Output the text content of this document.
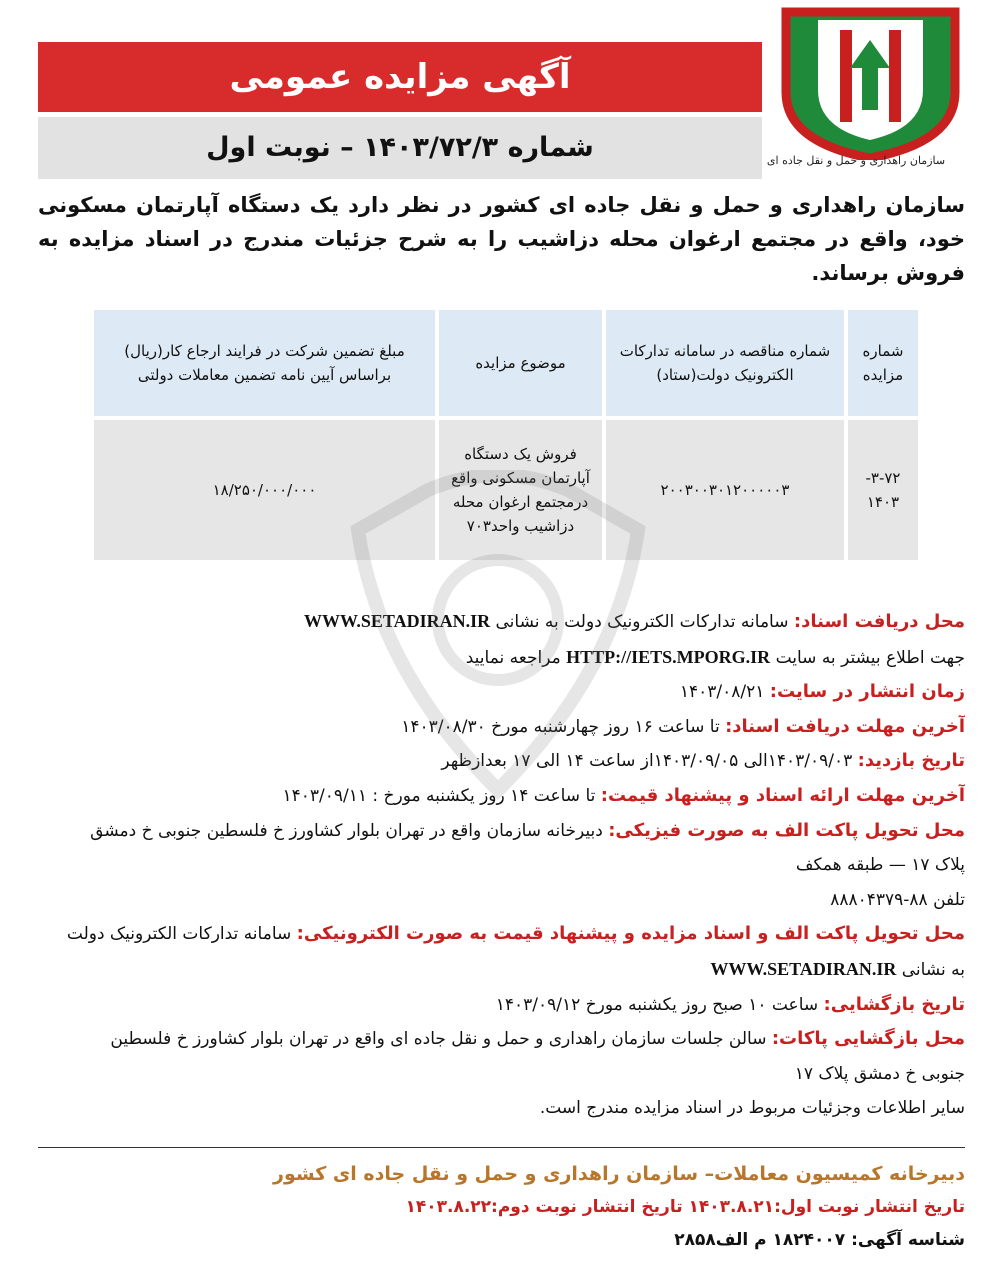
سازمان راهداری و حمل و نقل جاده ای
آگهی مزایده عمومی
شماره ۱۴۰۳/۷۲/۳ – نوبت اول
سازمان راهداری و حمل و نقل جاده ای کشور در نظر دارد یک دستگاه آپارتمان مسکونی خود، واقع در مجتمع ارغوان محله دزاشیب را به شرح جزئیات مندرج در اسناد مزایده به فروش برساند.
شماره مزایده	شماره مناقصه در سامانه تدارکات الکترونیک دولت(ستاد)	موضوع مزایده	مبلغ تضمین شرکت در فرایند ارجاع کار(ریال) براساس آیین نامه تضمین معاملات دولتی
۳-۷۲- ۱۴۰۳	۲۰۰۳۰۰۳۰۱۲۰۰۰۰۰۳	فروش یک دستگاه آپارتمان مسکونی واقع درمجتمع ارغوان محله دزاشیب واحد۷۰۳	۱۸/۲۵۰/۰۰۰/۰۰۰
محل دریافت اسناد: سامانه تدارکات الکترونیک دولت به نشانی WWW.SETADIRAN.IR
جهت اطلاع بیشتر به سایت HTTP://IETS.MPORG.IR مراجعه نمایید
زمان انتشار در سایت: ۱۴۰۳/۰۸/۲۱
آخرین مهلت دریافت اسناد: تا ساعت ۱۶ روز چهارشنبه مورخ ۱۴۰۳/۰۸/۳۰
تاریخ بازدید: ۱۴۰۳/۰۹/۰۳الی ۱۴۰۳/۰۹/۰۵از ساعت ۱۴ الی ۱۷ بعدازظهر
آخرین مهلت ارائه اسناد و پیشنهاد قیمت: تا ساعت ۱۴ روز یکشنبه مورخ : ۱۴۰۳/۰۹/۱۱
محل تحویل پاکت الف به صورت فیزیکی: دبیرخانه سازمان واقع در تهران بلوار کشاورز خ فلسطین جنوبی خ دمشق
پلاک ۱۷ — طبقه همکف
تلفن ۸۸-۸۸۸۰۴۳۷۹
محل تحویل پاکت الف و اسناد مزایده و پیشنهاد قیمت به صورت الکترونیکی: سامانه تدارکات الکترونیک دولت
به نشانی WWW.SETADIRAN.IR
تاریخ بازگشایی: ساعت ۱۰ صبح روز یکشنبه مورخ ۱۴۰۳/۰۹/۱۲
محل بازگشایی پاکات: سالن جلسات سازمان راهداری و حمل و نقل جاده ای واقع در تهران بلوار کشاورز خ فلسطین
جنوبی خ دمشق پلاک ۱۷
سایر اطلاعات وجزئیات مربوط در اسناد مزایده مندرج است.
دبیرخانه کمیسیون معاملات– سازمان راهداری و حمل و نقل جاده ای کشور
تاریخ انتشار نوبت اول:۱۴۰۳.۸.۲۱ تاریخ انتشار نوبت دوم:۱۴۰۳.۸.۲۲
شناسه آگهی: ۱۸۲۴۰۰۷ م الف۲۸۵۸
